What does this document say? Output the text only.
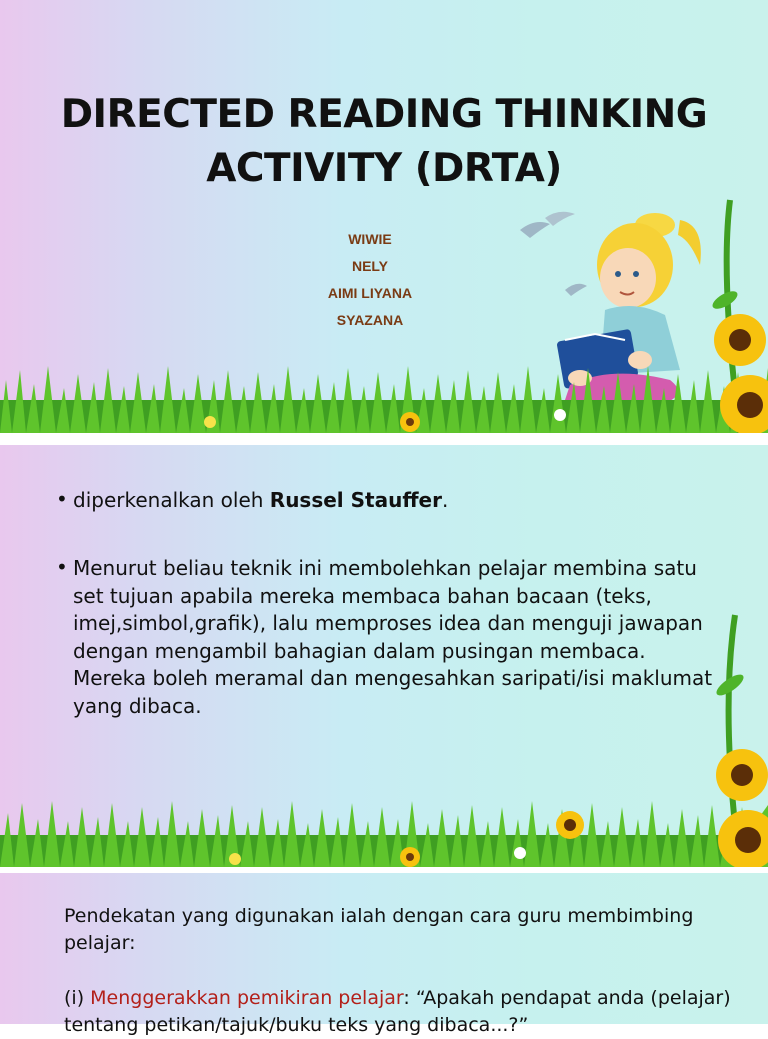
DIRECTED READING THINKING
ACTIVITY (DRTA)
WIWIE
NELY
AIMI LIYANA
SYAZANA
• diperkenalkan oleh Russel Stauffer.
• Menurut beliau teknik ini membolehkan pelajar membina satu set tujuan apabila mereka membaca bahan bacaan (teks, imej,simbol,grafik), lalu memproses idea dan menguji jawapan dengan mengambil bahagian dalam pusingan membaca. Mereka boleh meramal dan mengesahkan saripati/isi maklumat yang dibaca.
Pendekatan yang digunakan ialah dengan cara guru membimbing pelajar:
(i) Menggerakkan pemikiran pelajar: “Apakah pendapat anda (pelajar) tentang petikan/tajuk/buku teks yang dibaca...?”
